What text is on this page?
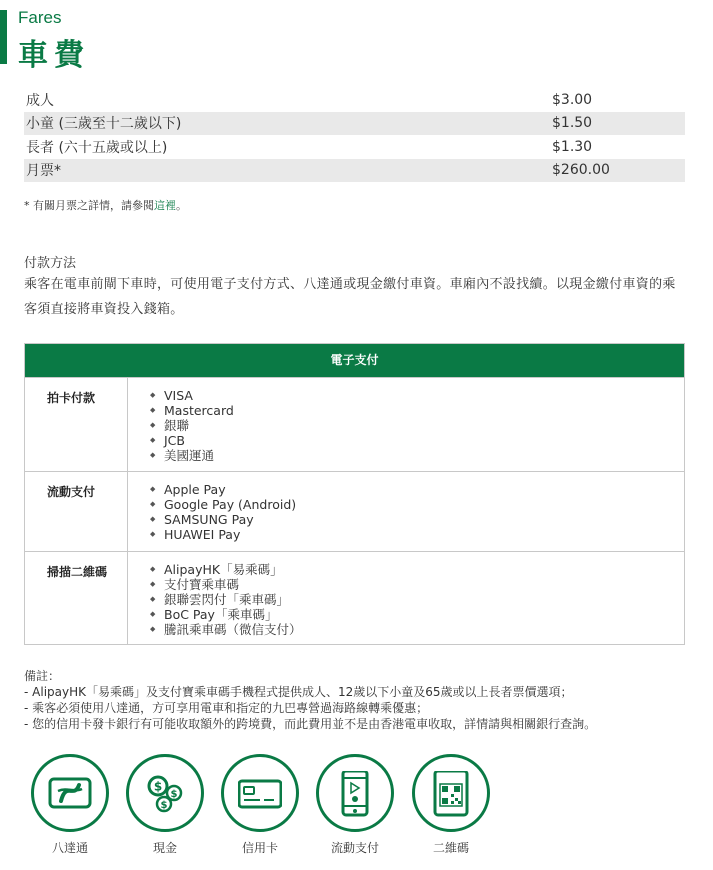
Fares
車費
成人	$3.00
小童 (三歲至十二歲以下)	$1.50
長者 (六十五歲或以上)	$1.30
月票*	$260.00
* 有關月票之詳情，請參閱這裡。
付款方法
乘客在電車前閘下車時，可使用電子支付方式、八達通或現金繳付車資。車廂內不設找續。以現金繳付車資的乘客須直接將車資投入錢箱。
電子支付
拍卡付款	◆ VISA
◆ Mastercard
◆ 銀聯
◆ JCB
◆ 美國運通
流動支付	◆ Apple Pay
◆ Google Pay (Android)
◆ SAMSUNG Pay
◆ HUAWEI Pay
掃描二維碼	◆ AlipayHK「易乘碼」
◆ 支付寶乘車碼
◆ 銀聯雲閃付「乘車碼」
◆ BoC Pay「乘車碼」
◆ 騰訊乘車碼（微信支付）
備註：
- AlipayHK「易乘碼」及支付寶乘車碼手機程式提供成人、12歲以下小童及65歲或以上長者票價選項；
- 乘客必須使用八達通，方可享用電車和指定的九巴專營過海路線轉乘優惠；
- 您的信用卡發卡銀行有可能收取額外的跨境費，而此費用並不是由香港電車收取，詳情請與相關銀行查詢。
八達通
$
$
$
現金	信用卡	流動支付	二維碼
